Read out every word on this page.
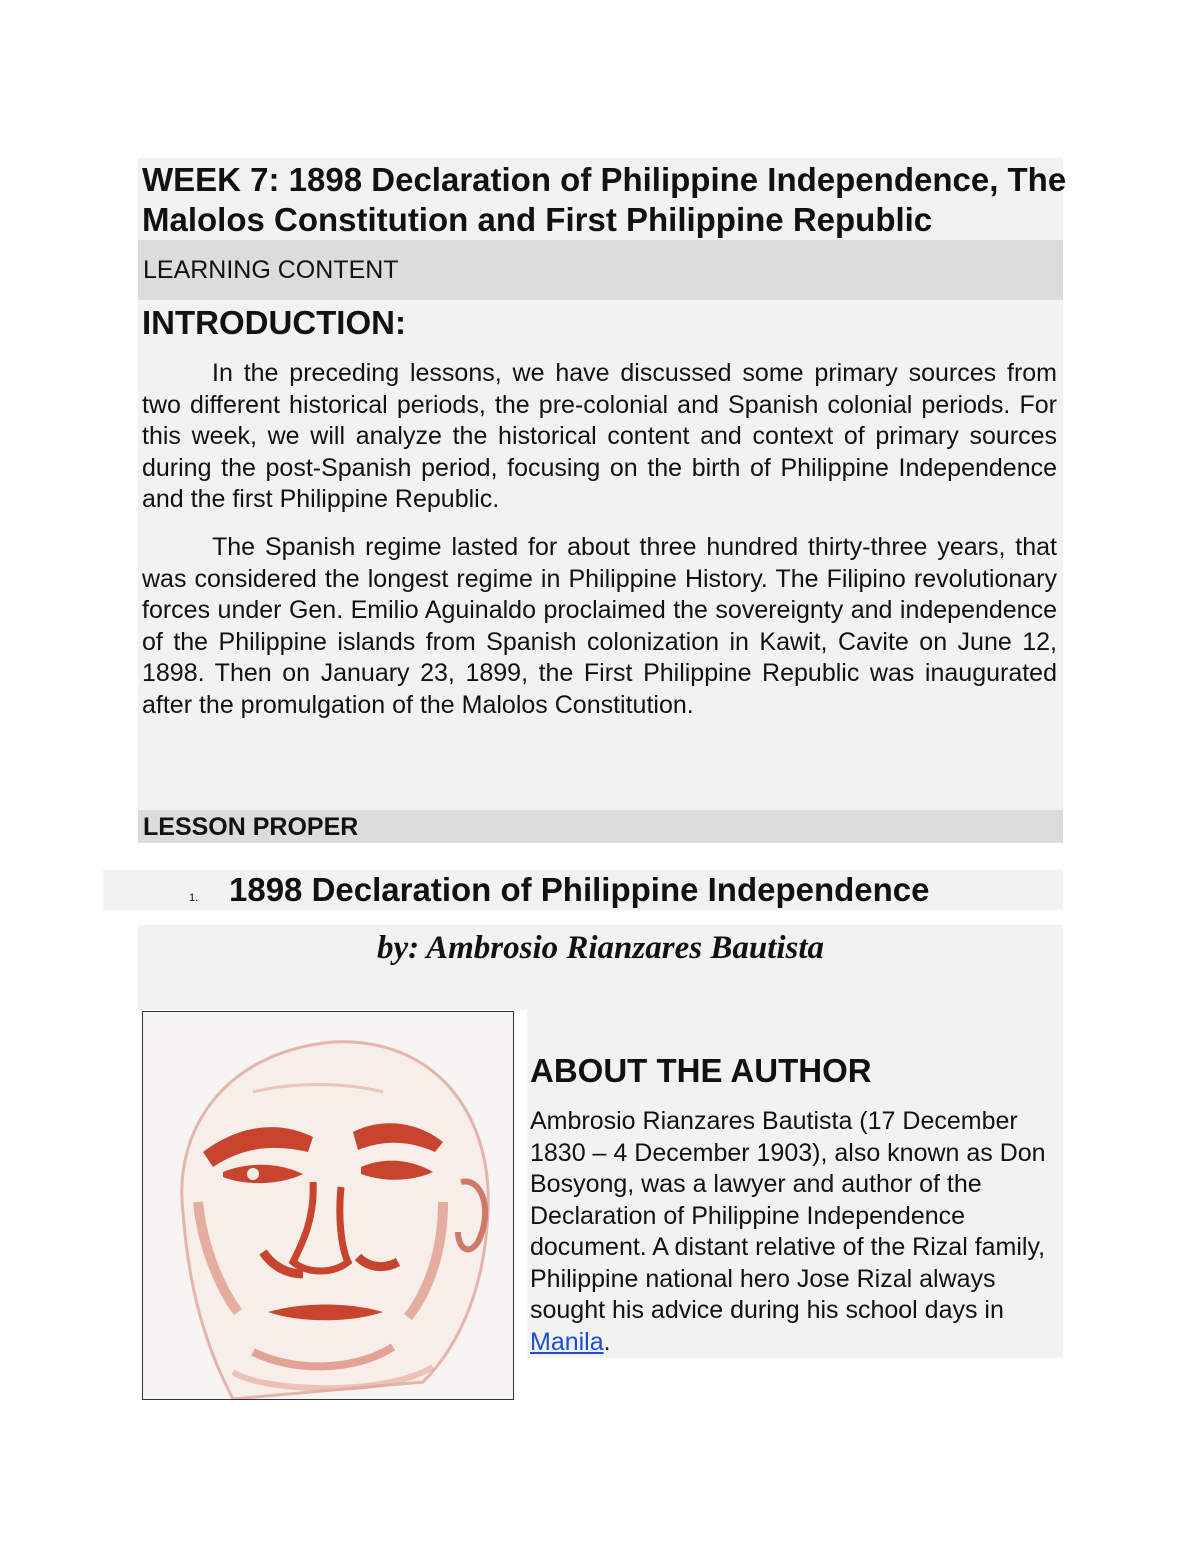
WEEK 7: 1898 Declaration of Philippine Independence, The Malolos Constitution and First Philippine Republic
LEARNING CONTENT
INTRODUCTION:

In the preceding lessons, we have discussed some primary sources from two different historical periods, the pre-colonial and Spanish colonial periods. For this week, we will analyze the historical content and context of primary sources during the post-Spanish period, focusing on the birth of Philippine Independence and the first Philippine Republic.

The Spanish regime lasted for about three hundred thirty-three years, that was considered the longest regime in Philippine History. The Filipino revolutionary forces under Gen. Emilio Aguinaldo proclaimed the sovereignty and independence of the Philippine islands from Spanish colonization in Kawit, Cavite on June 12, 1898. Then on January 23, 1899, the First Philippine Republic was inaugurated after the promulgation of the Malolos Constitution.

LESSON PROPER
1. 1898 Declaration of Philippine Independence
by: Ambrosio Rianzares Bautista
ABOUT THE AUTHOR

Ambrosio Rianzares Bautista (17 December 1830 – 4 December 1903), also known as Don Bosyong, was a lawyer and author of the Declaration of Philippine Independence document. A distant relative of the Rizal family, Philippine national hero Jose Rizal always sought his advice during his school days in Manila.
